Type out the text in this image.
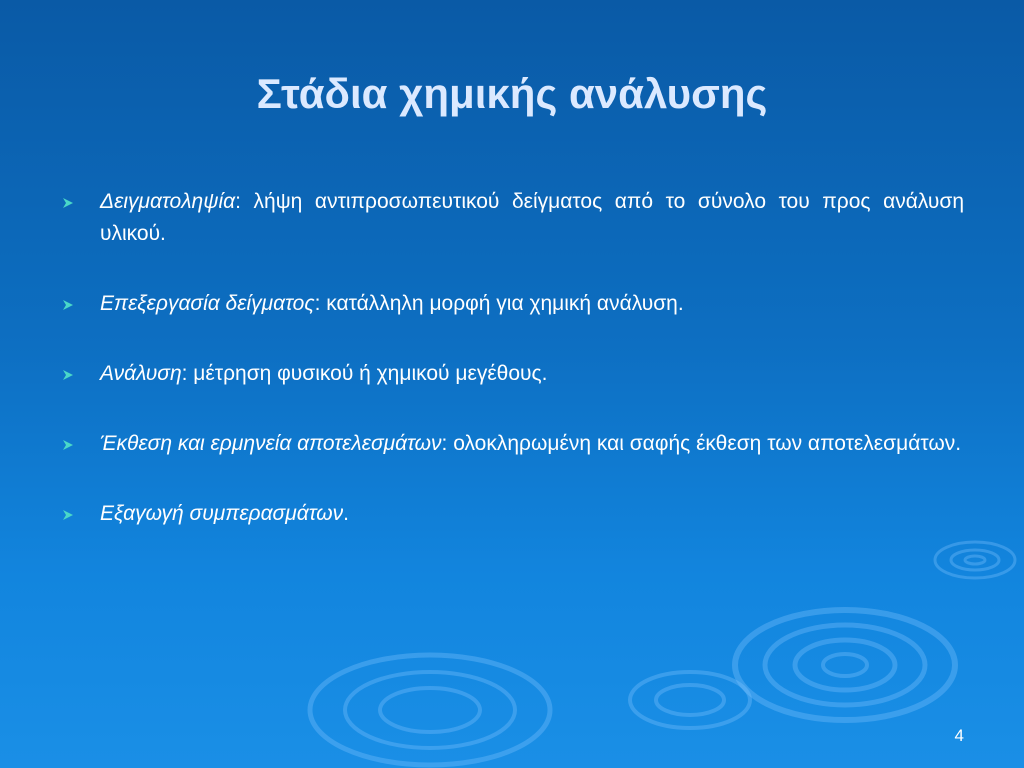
Στάδια χημικής ανάλυσης
Δειγματοληψία: λήψη αντιπροσωπευτικού δείγματος από το σύνολο του προς ανάλυση υλικού.
Επεξεργασία δείγματος: κατάλληλη μορφή για χημική ανάλυση.
Ανάλυση: μέτρηση φυσικού ή χημικού μεγέθους.
Έκθεση και ερμηνεία αποτελεσμάτων: ολοκληρωμένη και σαφής έκθεση των αποτελεσμάτων.
Εξαγωγή συμπερασμάτων.
4
